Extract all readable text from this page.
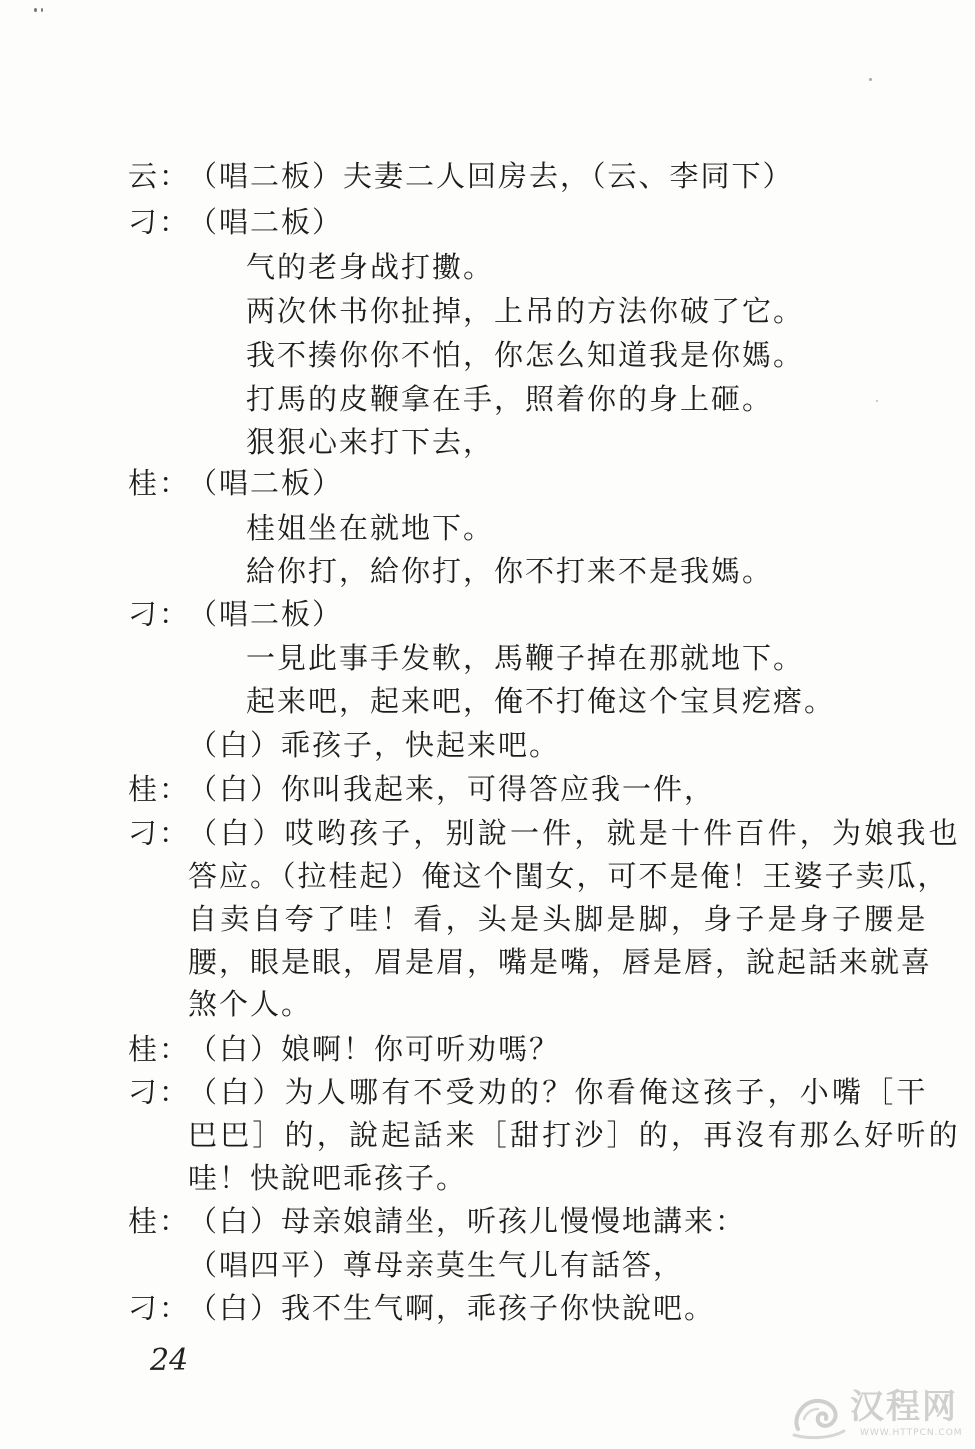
云：
（唱二板）夫妻二人回房去，（云、李同下）
刁：
（唱二板）
气的老身战打擻。
两次休书你扯掉，上吊的方法你破了它。
我不揍你你不怕，你怎么知道我是你媽。
打馬的皮鞭拿在手，照着你的身上砸。
狠狠心来打下去，
桂：
（唱二板）
桂姐坐在就地下。
給你打，給你打，你不打来不是我媽。
刁：
（唱二板）
一見此事手发軟，馬鞭子掉在那就地下。
起来吧，起来吧，俺不打俺这个宝貝疙瘩。
（白）乖孩子，快起来吧。
桂：
（白）你叫我起来，可得答应我一件，
刁：
（白）哎哟孩子，别說一件，就是十件百件，为娘我也
答应。（拉桂起）俺这个閨女，可不是俺！王婆子卖瓜，
自卖自夸了哇！看，头是头脚是脚，身子是身子腰是
腰，眼是眼，眉是眉，嘴是嘴，唇是唇，說起話来就喜
煞个人。
桂：
（白）娘啊！你可听劝嗎？
刁：
（白）为人哪有不受劝的？你看俺这孩子，小嘴［干
巴巴］的，說起話来［甜打沙］的，再沒有那么好听的
哇！快說吧乖孩子。
桂：
（白）母亲娘請坐，听孩儿慢慢地講来：
（唱四平）尊母亲莫生气儿有話答，
刁：
（白）我不生气啊，乖孩子你快說吧。
24
汉程网
WWW.HTTPCN.COM
